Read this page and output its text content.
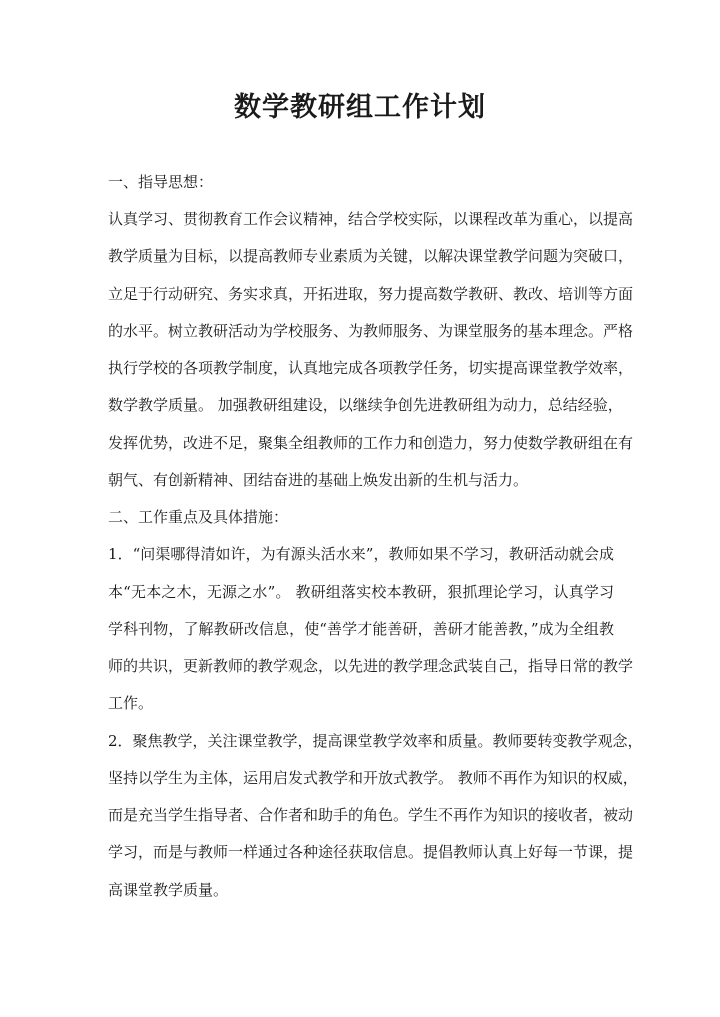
数学教研组工作计划
一、指导思想：
认真学习、贯彻教育工作会议精神，结合学校实际，以课程改革为重心，以提高
教学质量为目标，以提高教师专业素质为关键，以解决课堂教学问题为突破口，
立足于行动研究、务实求真，开拓进取，努力提高数学教研、教改、培训等方面
的水平。树立教研活动为学校服务、为教师服务、为课堂服务的基本理念。严格
执行学校的各项教学制度，认真地完成各项教学任务，切实提高课堂教学效率，
数学教学质量。 加强教研组建设，以继续争创先进教研组为动力，总结经验，
发挥优势，改进不足，聚集全组教师的工作力和创造力，努力使数学教研组在有
朝气、有创新精神、团结奋进的基础上焕发出新的生机与活力。
二、工作重点及具体措施：
1．“问渠哪得清如许，为有源头活水来”，教师如果不学习，教研活动就会成
本“无本之木，无源之水”。 教研组落实校本教研，狠抓理论学习，认真学习
学科刊物，了解教研改信息，使“善学才能善研，善研才能善教，”成为全组教
师的共识，更新教师的教学观念，以先进的教学理念武装自己，指导日常的教学
工作。
2．聚焦教学，关注课堂教学，提高课堂教学效率和质量。教师要转变教学观念，
坚持以学生为主体，运用启发式教学和开放式教学。 教师不再作为知识的权威，
而是充当学生指导者、合作者和助手的角色。学生不再作为知识的接收者，被动
学习，而是与教师一样通过各种途径获取信息。提倡教师认真上好每一节课，提
高课堂教学质量。
